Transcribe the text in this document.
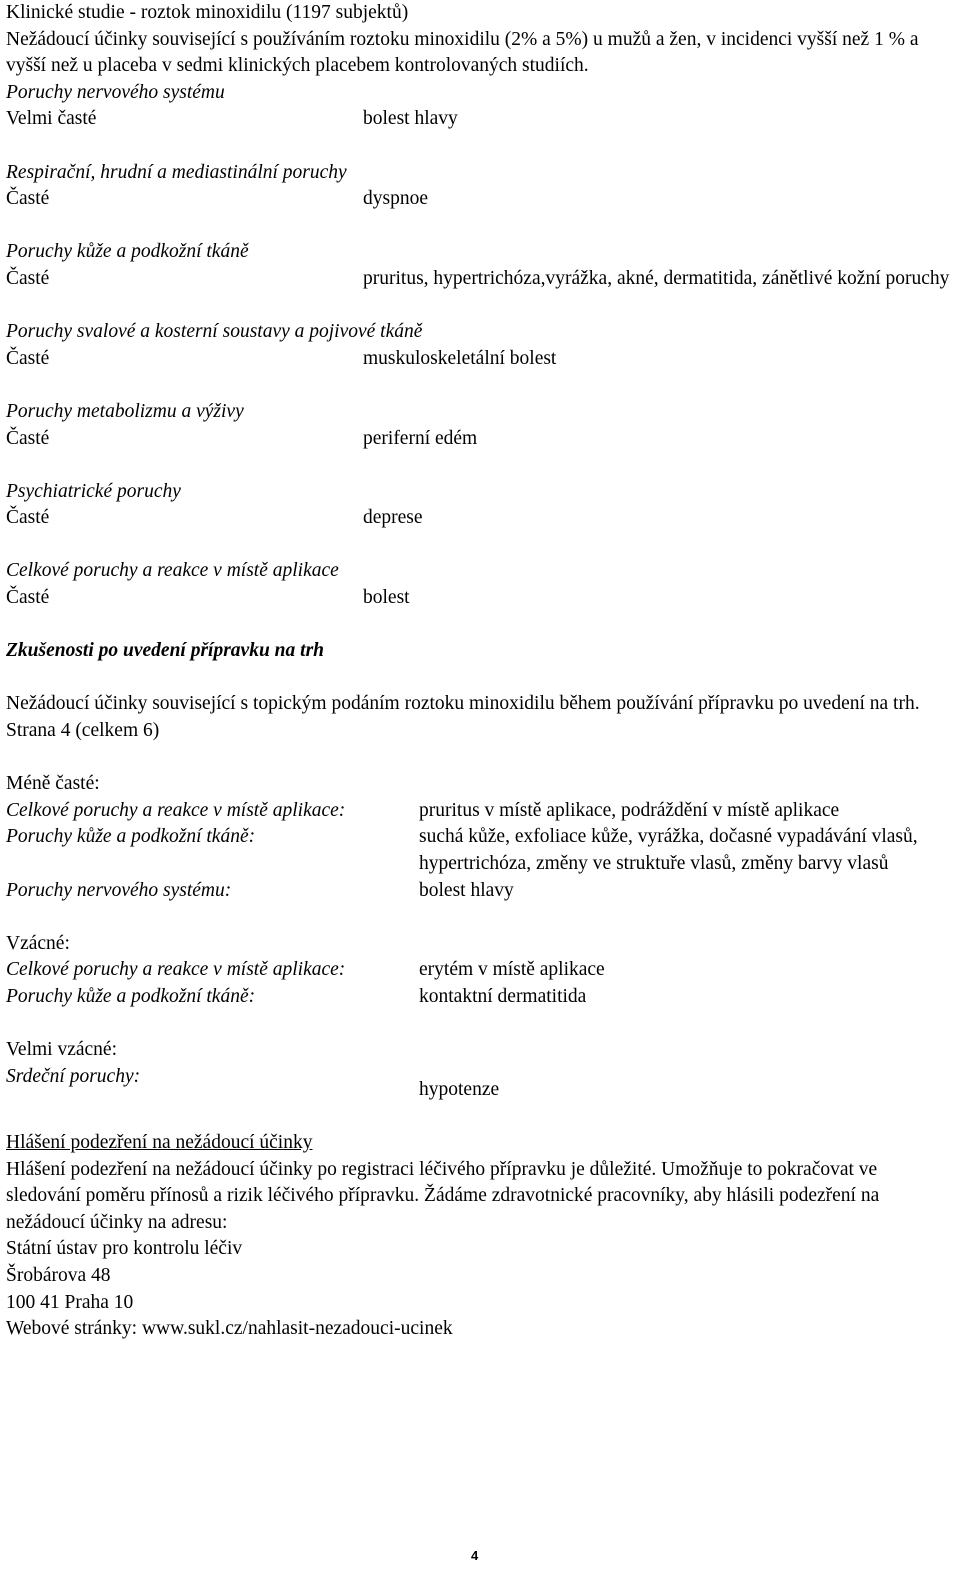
Klinické studie - roztok minoxidilu (1197 subjektů)

Nežádoucí účinky související s používáním roztoku minoxidilu (2% a 5%) u mužů a žen, v incidenci vyšší než 1 % a vyšší než u placeba v sedmi klinických placebem kontrolovaných studiích.

Poruchy nervového systému

Velmi časté	bolest hlavy

Respirační, hrudní a mediastinální poruchy

Časté	dyspnoe

Poruchy kůže a podkožní tkáně

Časté	pruritus, hypertrichóza,vyrážka, akné, dermatitida, zánětlivé kožní poruchy

Poruchy svalové a kosterní soustavy a pojivové tkáně

Časté	muskuloskeletální bolest

Poruchy metabolizmu a výživy

Časté	periferní edém

Psychiatrické poruchy

Časté	deprese

Celkové poruchy a reakce v místě aplikace

Časté	bolest

Zkušenosti po uvedení přípravku na trh

Nežádoucí účinky související s topickým podáním roztoku minoxidilu během používání přípravku po uvedení na trh. Strana 4 (celkem 6)

Méně časté:

Celkové poruchy a reakce v místě aplikace:	pruritus v místě aplikace, podráždění v místě aplikace
Poruchy kůže a podkožní tkáně:	suchá kůže, exfoliace kůže, vyrážka, dočasné vypadávání vlasů, hypertrichóza, změny ve struktuře vlasů, změny barvy vlasů
Poruchy nervového systému:	bolest hlavy

Vzácné:

Celkové poruchy a reakce v místě aplikace:	erytém v místě aplikace
Poruchy kůže a podkožní tkáně:	kontaktní dermatitida

Velmi vzácné:

Srdeční poruchy:
hypotenze

Hlášení podezření na nežádoucí účinky

Hlášení podezření na nežádoucí účinky po registraci léčivého přípravku je důležité. Umožňuje to pokračovat ve sledování poměru přínosů a rizik léčivého přípravku. Žádáme zdravotnické pracovníky, aby hlásili podezření na nežádoucí účinky na adresu:

Státní ústav pro kontrolu léčiv

Šrobárova 48

100 41 Praha 10

Webové stránky: www.sukl.cz/nahlasit-nezadouci-ucinek

4
